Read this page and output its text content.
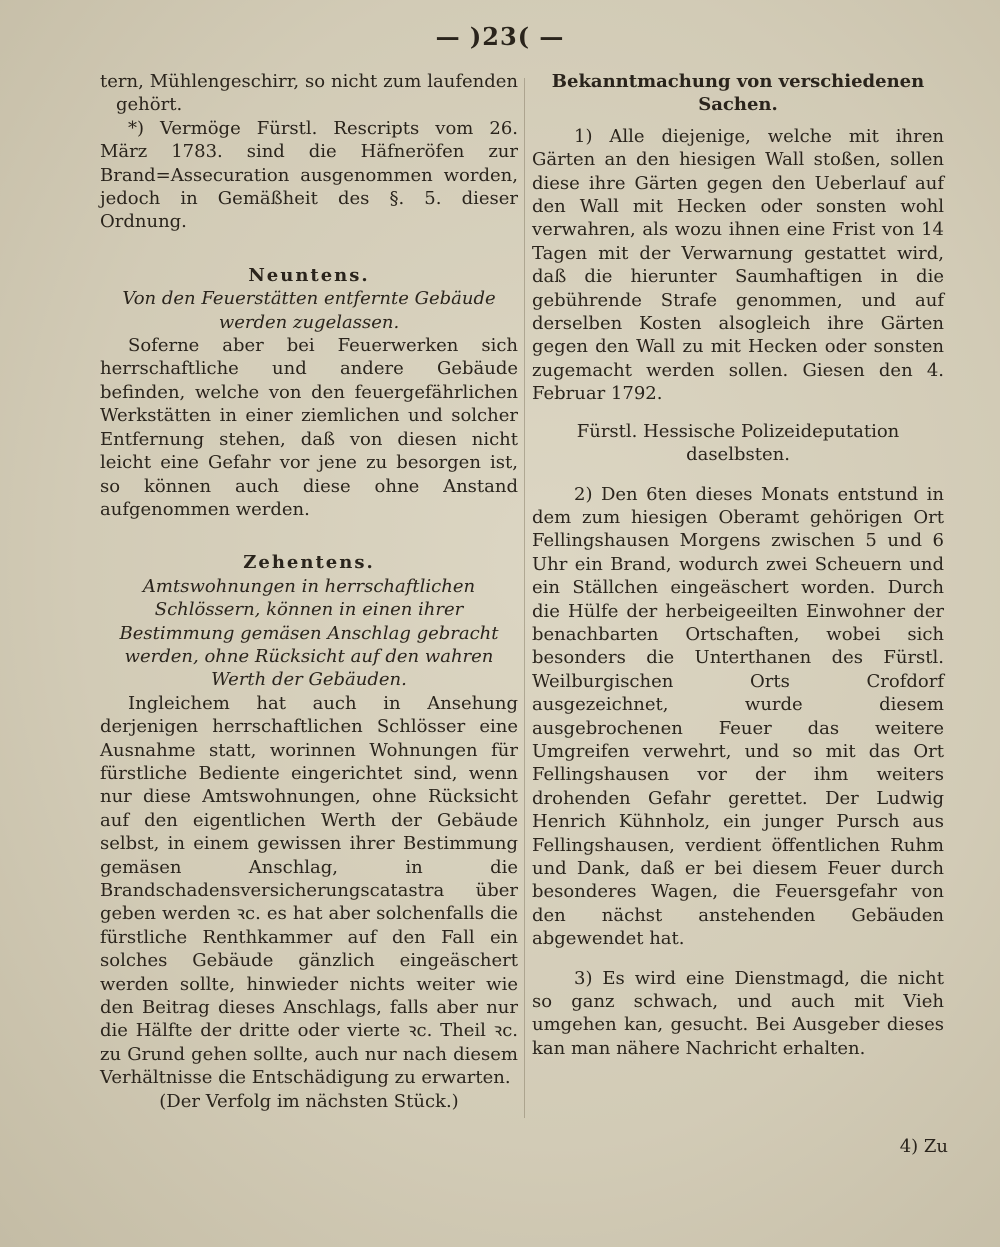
— )23( —

tern, Mühlengeschirr, so nicht zum laufenden gehört.

*) Vermöge Fürstl. Rescripts vom 26. März 1783. sind die Häfneröfen zur Brand=Assecuration ausgenommen worden, jedoch in Gemäßheit des §. 5. dieser Ordnung.

Neuntens.

Von den Feuerstätten entfernte Gebäude werden zugelassen.

Soferne aber bei Feuerwerken sich herrschaftliche und andere Gebäude befinden, welche von den feuergefährlichen Werkstätten in einer ziemlichen und solcher Entfernung stehen, daß von diesen nicht leicht eine Gefahr vor jene zu besorgen ist, so können auch diese ohne Anstand aufgenommen werden.

Zehentens.

Amtswohnungen in herrschaftlichen Schlössern, können in einen ihrer Bestimmung gemäsen Anschlag gebracht werden, ohne Rücksicht auf den wahren Werth der Gebäuden.

Ingleichem hat auch in Ansehung derjenigen herrschaftlichen Schlösser eine Ausnahme statt, worinnen Wohnungen für fürstliche Bediente eingerichtet sind, wenn nur diese Amtswohnungen, ohne Rücksicht auf den eigentlichen Werth der Gebäude selbst, in einem gewissen ihrer Bestimmung gemäsen Anschlag, in die Brandschadensversicherungscatastra über geben werden ꝛc. es hat aber solchenfalls die fürstliche Renthkammer auf den Fall ein solches Gebäude gänzlich eingeäschert werden sollte, hinwieder nichts weiter wie den Beitrag dieses Anschlags, falls aber nur die Hälfte der dritte oder vierte ꝛc. Theil ꝛc. zu Grund gehen sollte, auch nur nach diesem Verhältnisse die Entschädigung zu erwarten.

(Der Verfolg im nächsten Stück.)

Bekanntmachung von verschiedenen Sachen.

1) Alle diejenige, welche mit ihren Gärten an den hiesigen Wall stoßen, sollen diese ihre Gärten gegen den Ueberlauf auf den Wall mit Hecken oder sonsten wohl verwahren, als wozu ihnen eine Frist von 14 Tagen mit der Verwarnung gestattet wird, daß die hierunter Saumhaftigen in die gebührende Strafe genommen, und auf derselben Kosten alsogleich ihre Gärten gegen den Wall zu mit Hecken oder sonsten zugemacht werden sollen. Giesen den 4. Februar 1792.

Fürstl. Hessische Polizeideputation daselbsten.

2) Den 6ten dieses Monats entstund in dem zum hiesigen Oberamt gehörigen Ort Fellingshausen Morgens zwischen 5 und 6 Uhr ein Brand, wodurch zwei Scheuern und ein Ställchen eingeäschert worden. Durch die Hülfe der herbeigeeilten Einwohner der benachbarten Ortschaften, wobei sich besonders die Unterthanen des Fürstl. Weilburgischen Orts Crofdorf ausgezeichnet, wurde diesem ausgebrochenen Feuer das weitere Umgreifen verwehrt, und so mit das Ort Fellingshausen vor der ihm weiters drohenden Gefahr gerettet. Der Ludwig Henrich Kühnholz, ein junger Pursch aus Fellingshausen, verdient öffentlichen Ruhm und Dank, daß er bei diesem Feuer durch besonderes Wagen, die Feuersgefahr von den nächst anstehenden Gebäuden abgewendet hat.

3) Es wird eine Dienstmagd, die nicht so ganz schwach, und auch mit Vieh umgehen kan, gesucht. Bei Ausgeber dieses kan man nähere Nachricht erhalten.

4) Zu
